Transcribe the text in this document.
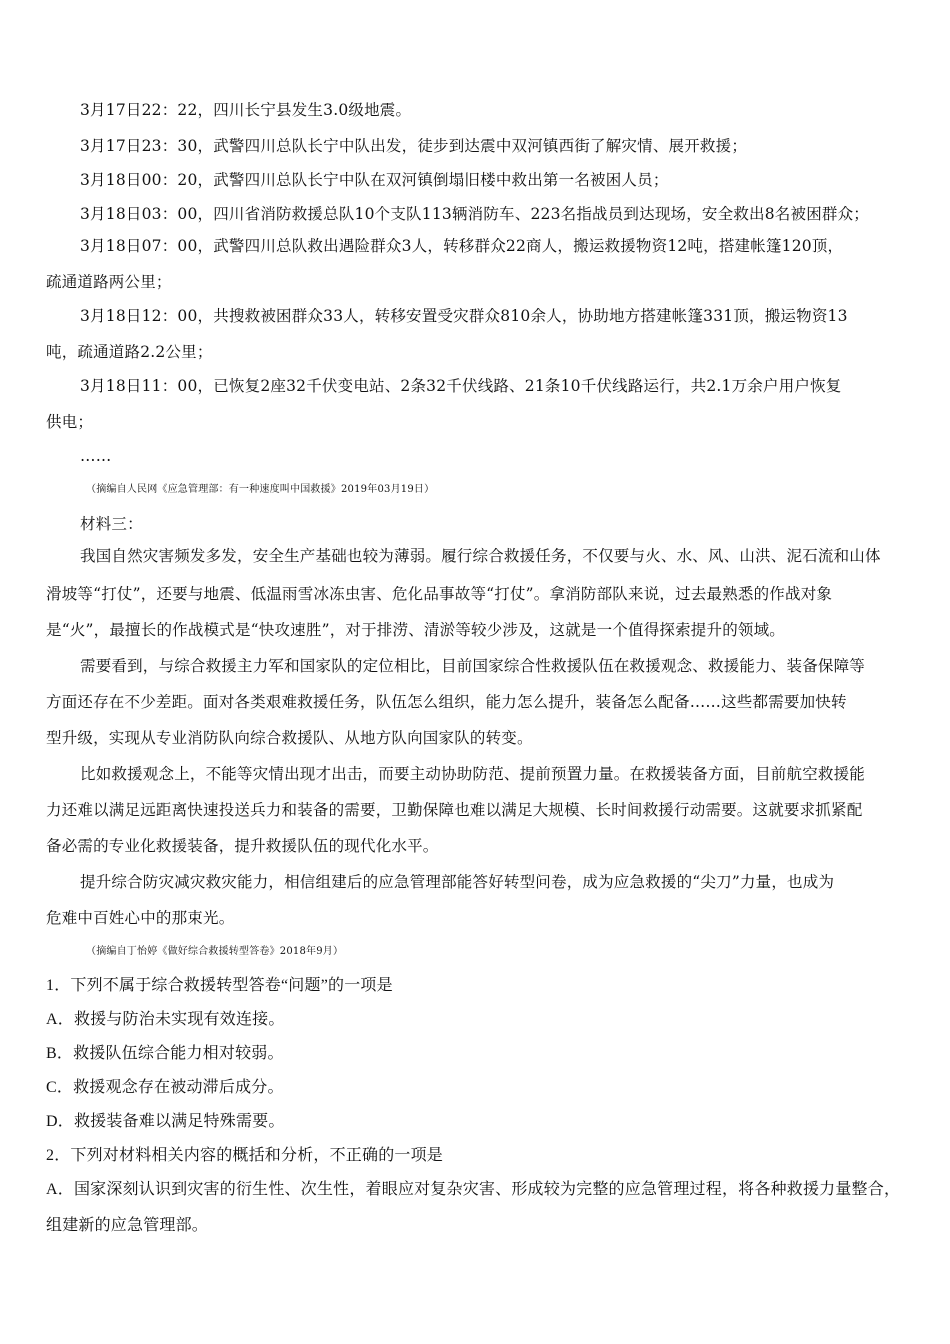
3月17日22：22，四川长宁县发生3.0级地震。
3月17日23：30，武警四川总队长宁中队出发，徒步到达震中双河镇西街了解灾情、展开救援；
3月18日00：20，武警四川总队长宁中队在双河镇倒塌旧楼中救出第一名被困人员；
3月18日03：00，四川省消防救援总队10个支队113辆消防车、223名指战员到达现场，安全救出8名被困群众；
3月18日07：00，武警四川总队救出遇险群众3人，转移群众22商人，搬运救援物资12吨，搭建帐篷120顶，
疏通道路两公里；
3月18日12：00，共搜救被困群众33人，转移安置受灾群众810余人，协助地方搭建帐篷331顶，搬运物资13
吨，疏通道路2.2公里；
3月18日11：00，已恢复2座32千伏变电站、2条32千伏线路、21条10千伏线路运行，共2.1万余户用户恢复
供电；
……
（摘编自人民网《应急管理部：有一种速度叫中国救援》2019年03月19日）
材料三：
我国自然灾害频发多发，安全生产基础也较为薄弱。履行综合救援任务，不仅要与火、水、风、山洪、泥石流和山体
滑坡等“打仗”，还要与地震、低温雨雪冰冻虫害、危化品事故等“打仗”。拿消防部队来说，过去最熟悉的作战对象
是“火”，最擅长的作战模式是“快攻速胜”，对于排涝、清淤等较少涉及，这就是一个值得探索提升的领域。
需要看到，与综合救援主力军和国家队的定位相比，目前国家综合性救援队伍在救援观念、救援能力、装备保障等
方面还存在不少差距。面对各类艰难救援任务，队伍怎么组织，能力怎么提升，装备怎么配备……这些都需要加快转
型升级，实现从专业消防队向综合救援队、从地方队向国家队的转变。
比如救援观念上，不能等灾情出现才出击，而要主动协助防范、提前预置力量。在救援装备方面，目前航空救援能
力还难以满足远距离快速投送兵力和装备的需要，卫勤保障也难以满足大规模、长时间救援行动需要。这就要求抓紧配
备必需的专业化救援装备，提升救援队伍的现代化水平。
提升综合防灾减灾救灾能力，相信组建后的应急管理部能答好转型问卷，成为应急救援的“尖刀”力量，也成为
危难中百姓心中的那束光。
（摘编自丁怡婷《做好综合救援转型答卷》2018年9月）
1．下列不属于综合救援转型答卷“问题”的一项是
A．救援与防治未实现有效连接。
B．救援队伍综合能力相对较弱。
C．救援观念存在被动滞后成分。
D．救援装备难以满足特殊需要。
2．下列对材料相关内容的概括和分析，不正确的一项是
A．国家深刻认识到灾害的衍生性、次生性，着眼应对复杂灾害、形成较为完整的应急管理过程，将各种救援力量整合，
组建新的应急管理部。
